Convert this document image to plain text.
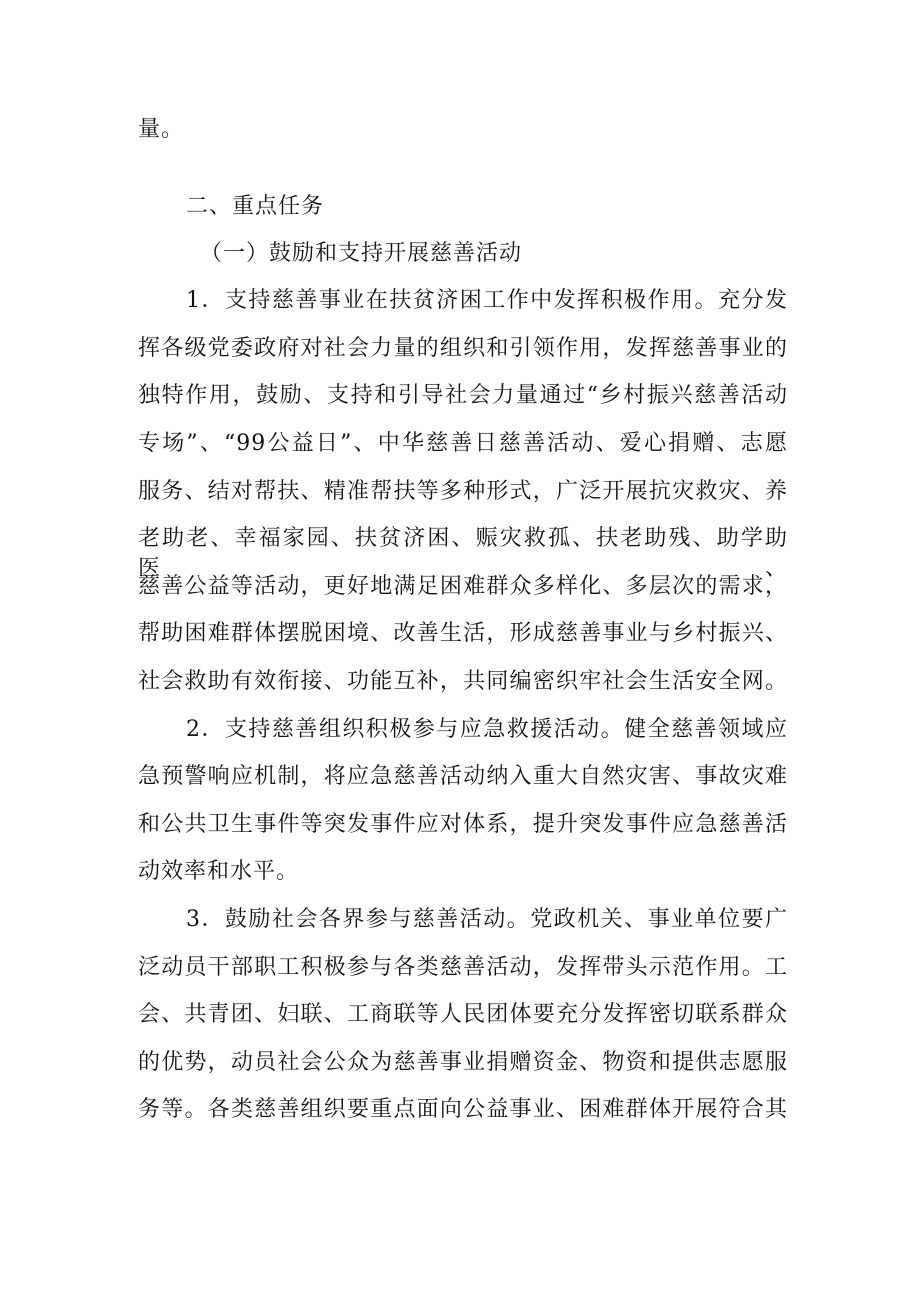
量。
二、重点任务
（一）鼓励和支持开展慈善活动
1．支持慈善事业在扶贫济困工作中发挥积极作用。充分发
挥各级党委政府对社会力量的组织和引领作用，发挥慈善事业的
独特作用，鼓励、支持和引导社会力量通过“乡村振兴慈善活动
专场”、“99公益日”、中华慈善日慈善活动、爱心捐赠、志愿
服务、结对帮扶、精准帮扶等多种形式，广泛开展抗灾救灾、养
老助老、幸福家园、扶贫济困、赈灾救孤、扶老助残、助学助医、
慈善公益等活动，更好地满足困难群众多样化、多层次的需求，
帮助困难群体摆脱困境、改善生活，形成慈善事业与乡村振兴、
社会救助有效衔接、功能互补，共同编密织牢社会生活安全网。
2．支持慈善组织积极参与应急救援活动。健全慈善领域应
急预警响应机制，将应急慈善活动纳入重大自然灾害、事故灾难
和公共卫生事件等突发事件应对体系，提升突发事件应急慈善活
动效率和水平。
3．鼓励社会各界参与慈善活动。党政机关、事业单位要广
泛动员干部职工积极参与各类慈善活动，发挥带头示范作用。工
会、共青团、妇联、工商联等人民团体要充分发挥密切联系群众
的优势，动员社会公众为慈善事业捐赠资金、物资和提供志愿服
务等。各类慈善组织要重点面向公益事业、困难群体开展符合其
